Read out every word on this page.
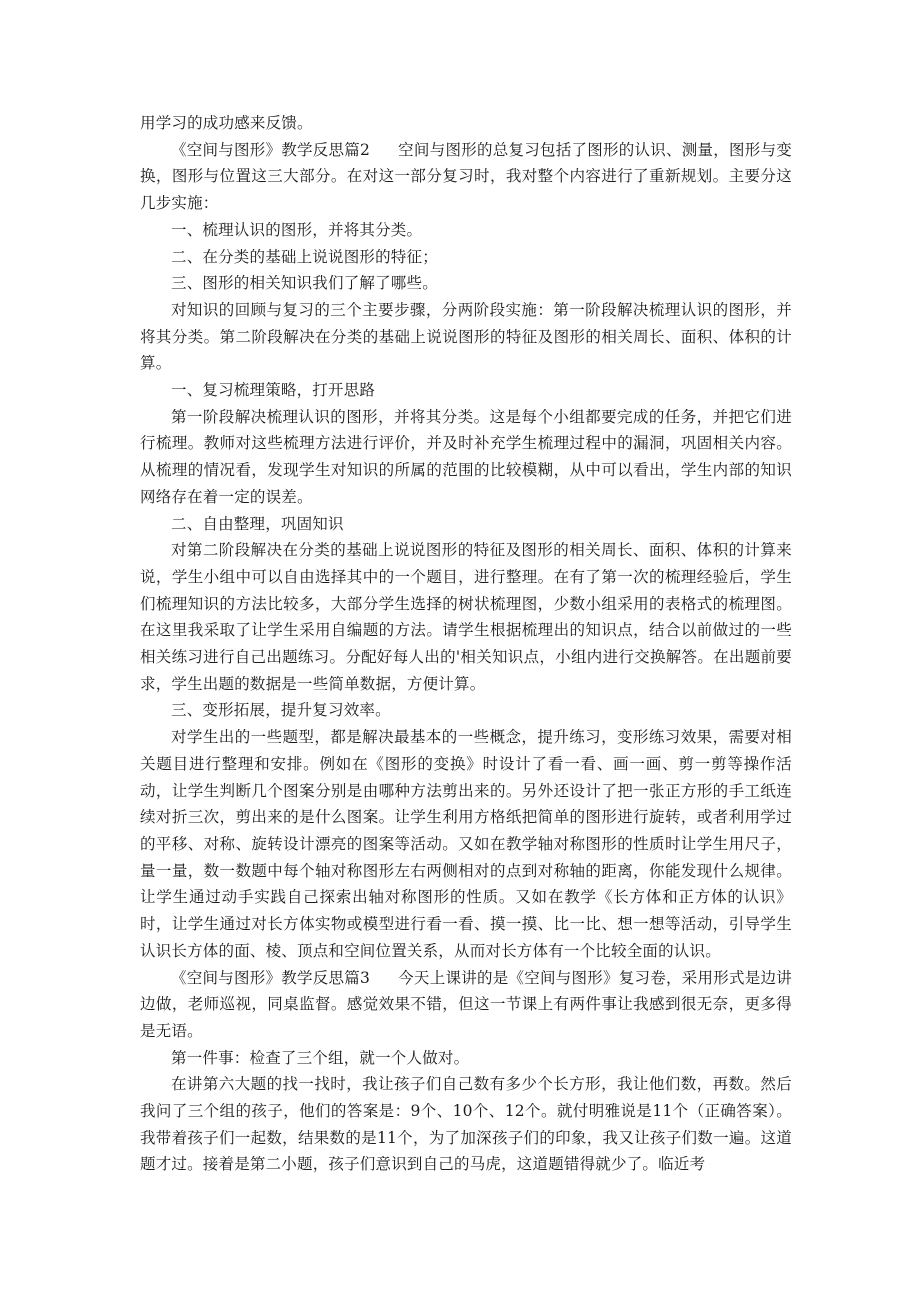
用学习的成功感来反馈。

《空间与图形》教学反思篇2 空间与图形的总复习包括了图形的认识、测量，图形与变换，图形与位置这三大部分。在对这一部分复习时，我对整个内容进行了重新规划。主要分这几步实施：

一、梳理认识的图形，并将其分类。

二、在分类的基础上说说图形的特征；

三、图形的相关知识我们了解了哪些。

对知识的回顾与复习的三个主要步骤，分两阶段实施：第一阶段解决梳理认识的图形，并将其分类。第二阶段解决在分类的基础上说说图形的特征及图形的相关周长、面积、体积的计算。

一、复习梳理策略，打开思路

第一阶段解决梳理认识的图形，并将其分类。这是每个小组都要完成的任务，并把它们进行梳理。教师对这些梳理方法进行评价，并及时补充学生梳理过程中的漏洞，巩固相关内容。从梳理的情况看，发现学生对知识的所属的范围的比较模糊，从中可以看出，学生内部的知识网络存在着一定的误差。

二、自由整理，巩固知识

对第二阶段解决在分类的基础上说说图形的特征及图形的相关周长、面积、体积的计算来说，学生小组中可以自由选择其中的一个题目，进行整理。在有了第一次的梳理经验后，学生们梳理知识的方法比较多，大部分学生选择的树状梳理图，少数小组采用的表格式的梳理图。在这里我采取了让学生采用自编题的方法。请学生根据梳理出的知识点，结合以前做过的一些相关练习进行自己出题练习。分配好每人出的'相关知识点，小组内进行交换解答。在出题前要求，学生出题的数据是一些简单数据，方便计算。

三、变形拓展，提升复习效率。

对学生出的一些题型，都是解决最基本的一些概念，提升练习，变形练习效果，需要对相关题目进行整理和安排。例如在《图形的变换》时设计了看一看、画一画、剪一剪等操作活动，让学生判断几个图案分别是由哪种方法剪出来的。另外还设计了把一张正方形的手工纸连续对折三次，剪出来的是什么图案。让学生利用方格纸把简单的图形进行旋转，或者利用学过的平移、对称、旋转设计漂亮的图案等活动。又如在教学轴对称图形的性质时让学生用尺子，量一量，数一数题中每个轴对称图形左右两侧相对的点到对称轴的距离，你能发现什么规律。让学生通过动手实践自己探索出轴对称图形的性质。又如在教学《长方体和正方体的认识》时，让学生通过对长方体实物或模型进行看一看、摸一摸、比一比、想一想等活动，引导学生认识长方体的面、棱、顶点和空间位置关系，从而对长方体有一个比较全面的认识。

《空间与图形》教学反思篇3 今天上课讲的是《空间与图形》复习卷，采用形式是边讲边做，老师巡视，同桌监督。感觉效果不错，但这一节课上有两件事让我感到很无奈，更多得是无语。

第一件事：检查了三个组，就一个人做对。

在讲第六大题的找一找时，我让孩子们自己数有多少个长方形，我让他们数，再数。然后我问了三个组的孩子，他们的答案是：9个、10个、12个。就付明雅说是11个（正确答案）。我带着孩子们一起数，结果数的是11个，为了加深孩子们的印象，我又让孩子们数一遍。这道题才过。接着是第二小题，孩子们意识到自己的马虎，这道题错得就少了。临近考
